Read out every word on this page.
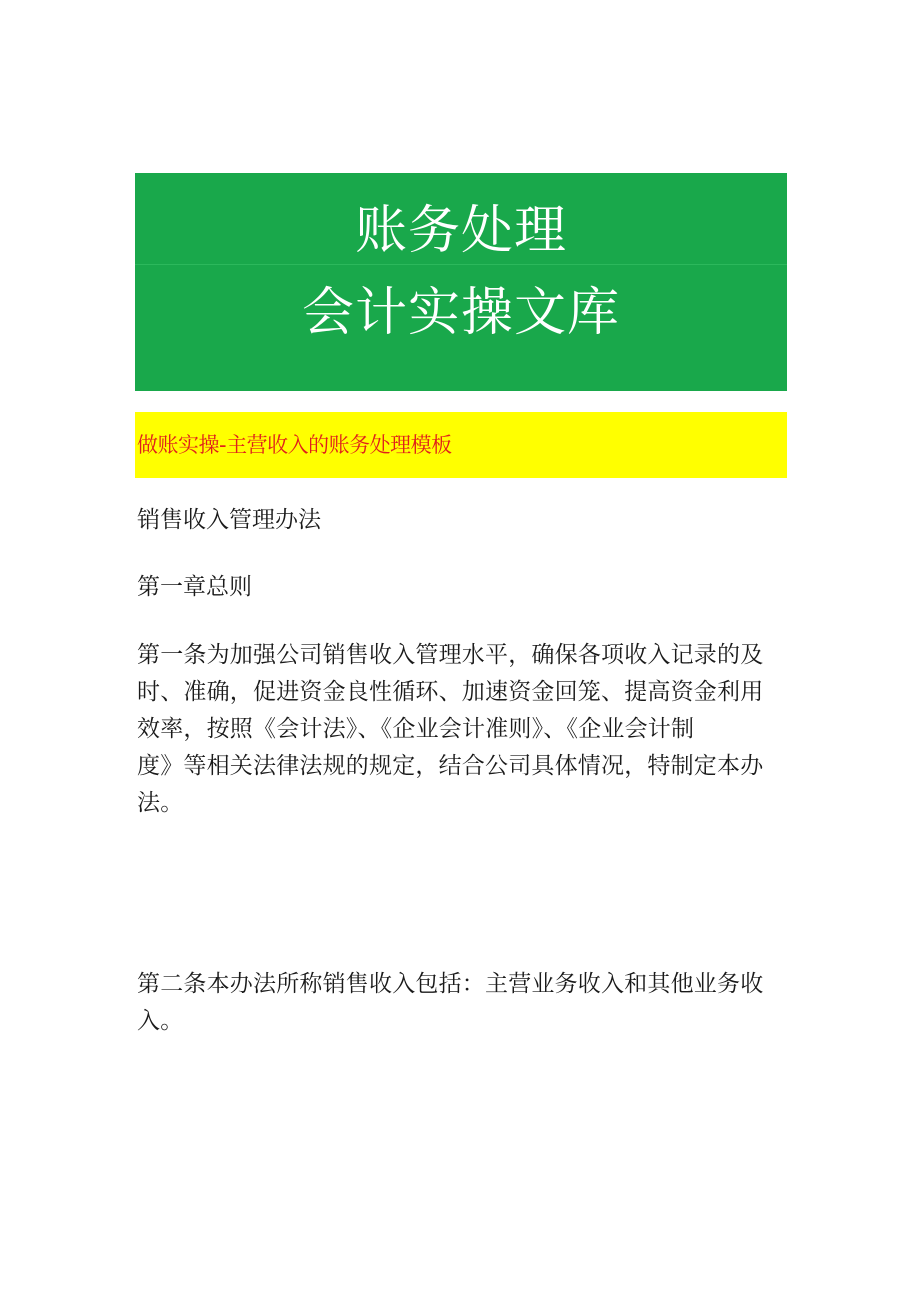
账务处理
会计实操文库
做账实操-主营收入的账务处理模板
销售收入管理办法
第一章总则
第一条为加强公司销售收入管理水平，确保各项收入记录的及
时、准确，促进资金良性循环、加速资金回笼、提高资金利用
效率，按照《会计法》、《企业会计准则》、《企业会计制
度》等相关法律法规的规定，结合公司具体情况，特制定本办
法。
第二条本办法所称销售收入包括：主营业务收入和其他业务收
入。
